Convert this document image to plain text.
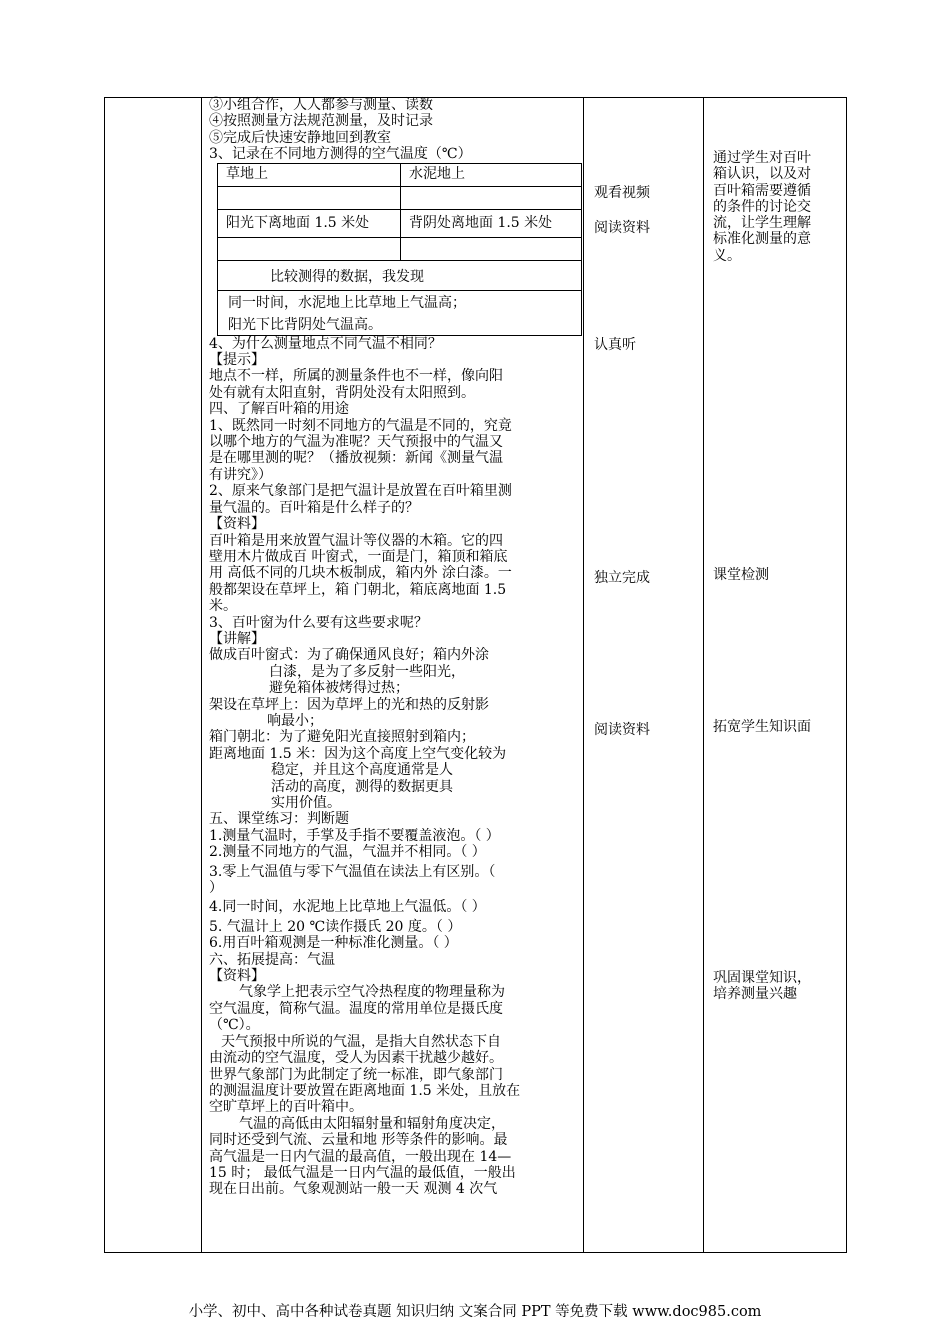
③小组合作，人人都参与测量、读数
④按照测量方法规范测量，及时记录
⑤完成后快速安静地回到教室
3、记录在不同地方测得的空气温度（℃）
草地上	水泥地上

阳光下离地面 1.5 米处	背阴处离地面 1.5 米处

比较测得的数据，我发现
同一时间，水泥地上比草地上气温高；
阳光下比背阴处气温高。
4、为什么测量地点不同气温不相同？
【提示】
地点不一样，所属的测量条件也不一样，像向阳
处有就有太阳直射，背阴处没有太阳照到。
四、了解百叶箱的用途
1、既然同一时刻不同地方的气温是不同的，究竟
以哪个地方的气温为准呢？天气预报中的气温又
是在哪里测的呢？（播放视频：新闻《测量气温
有讲究》）
2、原来气象部门是把气温计是放置在百叶箱里测
量气温的。百叶箱是什么样子的？
【资料】
百叶箱是用来放置气温计等仪器的木箱。它的四
壁用木片做成百 叶窗式，一面是门，箱顶和箱底
用 高低不同的几块木板制成，箱内外 涂白漆。一
般都架设在草坪上，箱 门朝北，箱底离地面 1.5
米。
3、百叶窗为什么要有这些要求呢？
【讲解】
做成百叶窗式：为了确保通风良好；箱内外涂
白漆，是为了多反射一些阳光，
避免箱体被烤得过热；
架设在草坪上：因为草坪上的光和热的反射影
响最小；
箱门朝北：为了避免阳光直接照射到箱内；
距离地面 1.5 米：因为这个高度上空气变化较为
稳定，并且这个高度通常是人
活动的高度，测得的数据更具
实用价值。
五、课堂练习：判断题
1.测量气温时，手掌及手指不要覆盖液泡。（ ）
2.测量不同地方的气温，气温并不相同。（ ）
3.零上气温值与零下气温值在读法上有区别。（
）
4.同一时间，水泥地上比草地上气温低。（ ）
5. 气温计上 20 ℃读作摄氏 20 度。（ ）
6.用百叶箱观测是一种标准化测量。（ ）
六、拓展提高：气温
【资料】
气象学上把表示空气冷热程度的物理量称为
空气温度，简称气温。温度的常用单位是摄氏度
（℃）。
天气预报中所说的气温，是指大自然状态下自
由流动的空气温度，受人为因素干扰越少越好。
世界气象部门为此制定了统一标准，即气象部门
的测温温度计要放置在距离地面 1.5 米处，且放在
空旷草坪上的百叶箱中。
气温的高低由太阳辐射量和辐射角度决定，
同时还受到气流、云量和地 形等条件的影响。最
高气温是一日内气温的最高值，一般出现在 14—
15 时； 最低气温是一日内气温的最低值，一般出
现在日出前。气象观测站一般一天 观测 4 次气
观看视频
阅读资料
认真听
独立完成
阅读资料
通过学生对百叶
箱认识，以及对
百叶箱需要遵循
的条件的讨论交
流，让学生理解
标准化测量的意
义。
课堂检测
拓宽学生知识面
巩固课堂知识，
培养测量兴趣
小学、初中、高中各种试卷真题 知识归纳 文案合同 PPT 等免费下载 www.doc985.com
